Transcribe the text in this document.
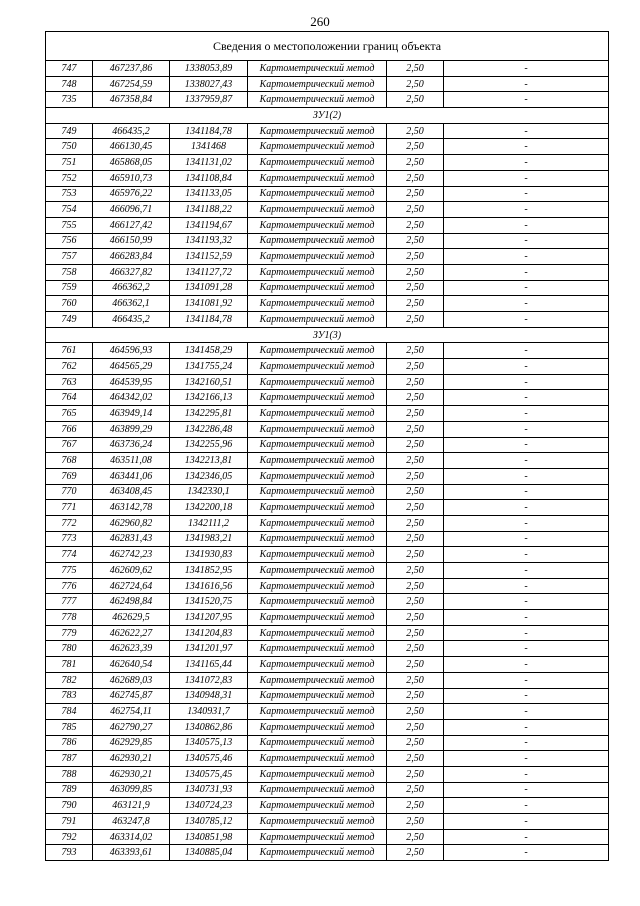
260
Сведения о местоположении границ объекта					
747	467237,86	1338053,89	Картометрический метод	2,50	-
748	467254,59	1338027,43	Картометрический метод	2,50	-
735	467358,84	1337959,87	Картометрический метод	2,50	-
ЗУ1(2)					
749	466435,2	1341184,78	Картометрический метод	2,50	-
750	466130,45	1341468	Картометрический метод	2,50	-
751	465868,05	1341131,02	Картометрический метод	2,50	-
752	465910,73	1341108,84	Картометрический метод	2,50	-
753	465976,22	1341133,05	Картометрический метод	2,50	-
754	466096,71	1341188,22	Картометрический метод	2,50	-
755	466127,42	1341194,67	Картометрический метод	2,50	-
756	466150,99	1341193,32	Картометрический метод	2,50	-
757	466283,84	1341152,59	Картометрический метод	2,50	-
758	466327,82	1341127,72	Картометрический метод	2,50	-
759	466362,2	1341091,28	Картометрический метод	2,50	-
760	466362,1	1341081,92	Картометрический метод	2,50	-
749	466435,2	1341184,78	Картометрический метод	2,50	-
ЗУ1(3)					
761	464596,93	1341458,29	Картометрический метод	2,50	-
762	464565,29	1341755,24	Картометрический метод	2,50	-
763	464539,95	1342160,51	Картометрический метод	2,50	-
764	464342,02	1342166,13	Картометрический метод	2,50	-
765	463949,14	1342295,81	Картометрический метод	2,50	-
766	463899,29	1342286,48	Картометрический метод	2,50	-
767	463736,24	1342255,96	Картометрический метод	2,50	-
768	463511,08	1342213,81	Картометрический метод	2,50	-
769	463441,06	1342346,05	Картометрический метод	2,50	-
770	463408,45	1342330,1	Картометрический метод	2,50	-
771	463142,78	1342200,18	Картометрический метод	2,50	-
772	462960,82	1342111,2	Картометрический метод	2,50	-
773	462831,43	1341983,21	Картометрический метод	2,50	-
774	462742,23	1341930,83	Картометрический метод	2,50	-
775	462609,62	1341852,95	Картометрический метод	2,50	-
776	462724,64	1341616,56	Картометрический метод	2,50	-
777	462498,84	1341520,75	Картометрический метод	2,50	-
778	462629,5	1341207,95	Картометрический метод	2,50	-
779	462622,27	1341204,83	Картометрический метод	2,50	-
780	462623,39	1341201,97	Картометрический метод	2,50	-
781	462640,54	1341165,44	Картометрический метод	2,50	-
782	462689,03	1341072,83	Картометрический метод	2,50	-
783	462745,87	1340948,31	Картометрический метод	2,50	-
784	462754,11	1340931,7	Картометрический метод	2,50	-
785	462790,27	1340862,86	Картометрический метод	2,50	-
786	462929,85	1340575,13	Картометрический метод	2,50	-
787	462930,21	1340575,46	Картометрический метод	2,50	-
788	462930,21	1340575,45	Картометрический метод	2,50	-
789	463099,85	1340731,93	Картометрический метод	2,50	-
790	463121,9	1340724,23	Картометрический метод	2,50	-
791	463247,8	1340785,12	Картометрический метод	2,50	-
792	463314,02	1340851,98	Картометрический метод	2,50	-
793	463393,61	1340885,04	Картометрический метод	2,50	-
